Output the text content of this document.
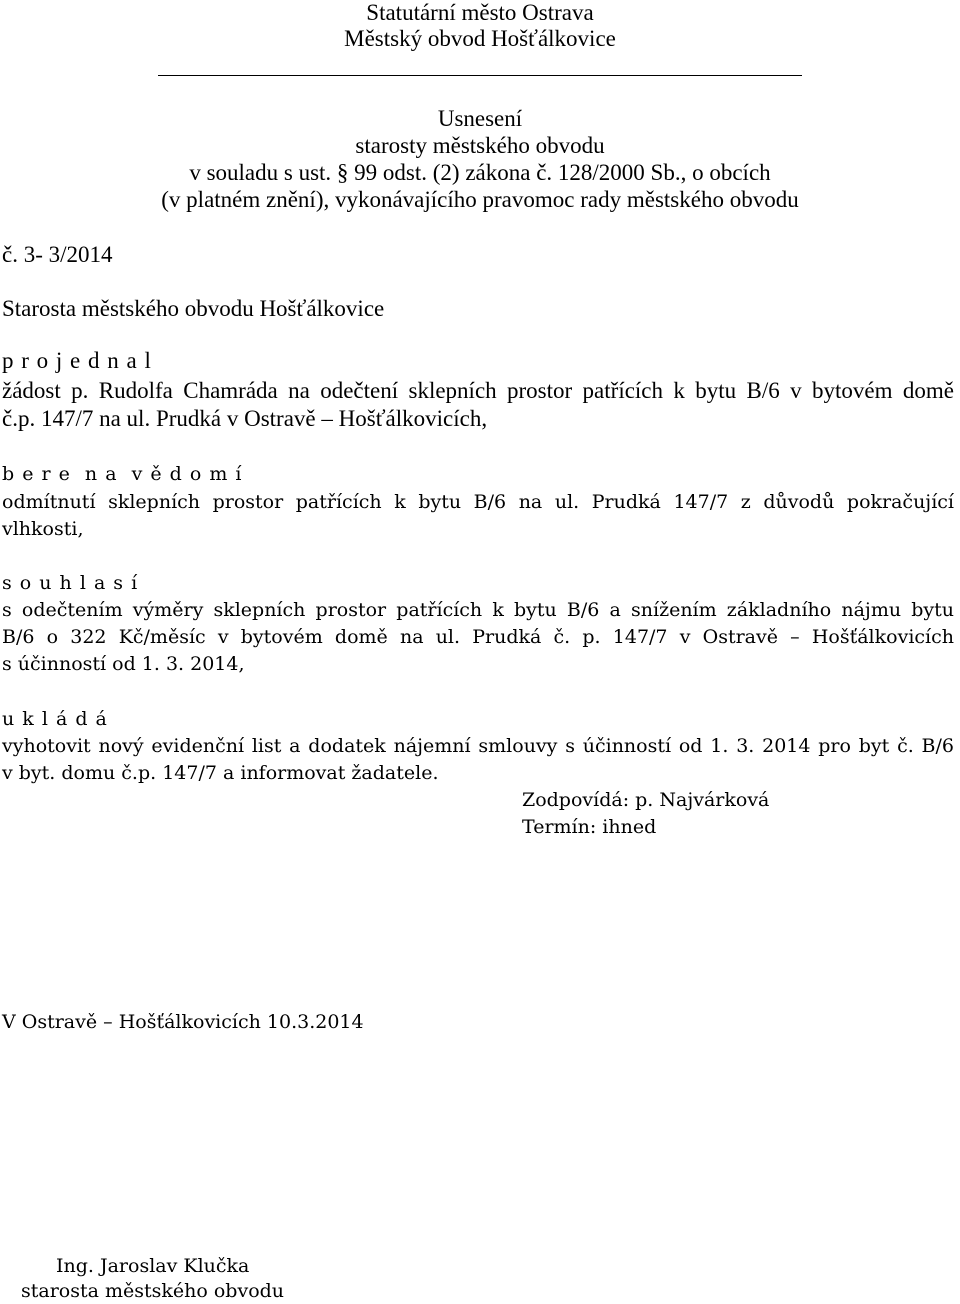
Statutární město Ostrava
Městský obvod Hošťálkovice
Usnesení
starosty městského obvodu
v souladu s ust. § 99 odst. (2) zákona č. 128/2000 Sb., o obcích
(v platném znění), vykonávajícího pravomoc rady městského obvodu
č. 3- 3/2014
Starosta městského obvodu Hošťálkovice
p r o j e d n a l
žádost p. Rudolfa Chamráda na odečtení sklepních prostor patřících k bytu B/6 v bytovém domě
č.p. 147/7 na ul. Prudká v Ostravě – Hošťálkovicích,
b e r e  n a  v ě d o m í
odmítnutí sklepních prostor patřících k bytu B/6 na ul. Prudká 147/7 z důvodů pokračující
vlhkosti,
s o u h l a s í
s odečtením výměry sklepních prostor patřících k bytu B/6 a snížením základního nájmu bytu
B/6 o 322 Kč/měsíc v bytovém domě na ul. Prudká č. p. 147/7 v Ostravě – Hošťálkovicích
s účinností od 1. 3. 2014,
u k l á d á
vyhotovit nový evidenční list a dodatek nájemní smlouvy s účinností od 1. 3. 2014 pro byt č. B/6
v byt. domu č.p. 147/7 a informovat žadatele.
Zodpovídá: p. Najvárková
Termín: ihned
V Ostravě – Hošťálkovicích 10.3.2014
Ing. Jaroslav Klučka
starosta městského obvodu
